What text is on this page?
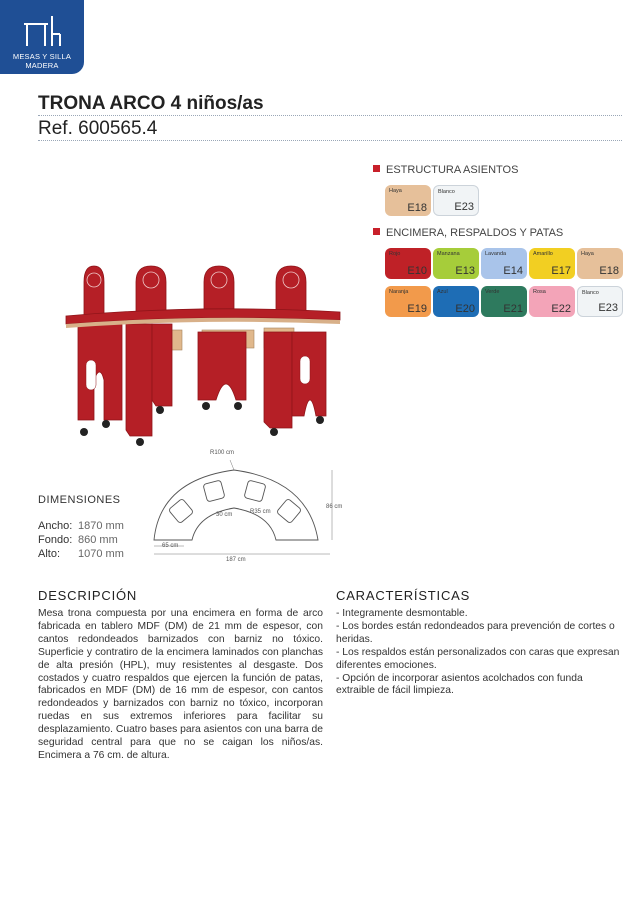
MESAS Y SILLA
MADERA
TRONA ARCO 4 niños/as
Ref. 600565.4
ESTRUCTURA ASIENTOS
Haya
E18
Blanco
E23
ENCIMERA, RESPALDOS Y PATAS
Rojo
E10
Manzana
E13
Lavanda
E14
Amarillo
E17
Haya
E18
Naranja
E19
Azul
E20
Verde
E21
Rosa
E22
Blanco
E23
R100 cm
R35 cm
30 cm
86 cm
65 cm
187 cm
DIMENSIONES
Ancho: 1870 mm
Fondo: 860 mm
Alto: 1070 mm
DESCRIPCIÓN
Mesa trona compuesta por una encimera en forma de arco fabricada en tablero MDF (DM) de 21 mm de espesor, con cantos redondeados barnizados con barniz no tóxico. Superficie y contratiro de la encimera laminados con planchas de alta presión (HPL), muy resistentes al desgaste. Dos costados y cuatro respaldos que ejercen la función de patas, fabricados en MDF (DM) de 16 mm de espesor, con cantos redondeados y barnizados con barniz no tóxico, incorporan ruedas en sus extremos inferiores para facilitar su desplazamiento. Cuatro bases para asientos con una barra de seguridad central para que no se caigan los niños/as. Encimera a 76 cm. de altura.
CARACTERÍSTICAS
- Integramente desmontable.
- Los bordes están redondeados para prevención de cortes o heridas.
- Los respaldos están personalizados con caras que expresan diferentes emociones.
- Opción de incorporar asientos acolchados con funda extraible de fácil limpieza.
